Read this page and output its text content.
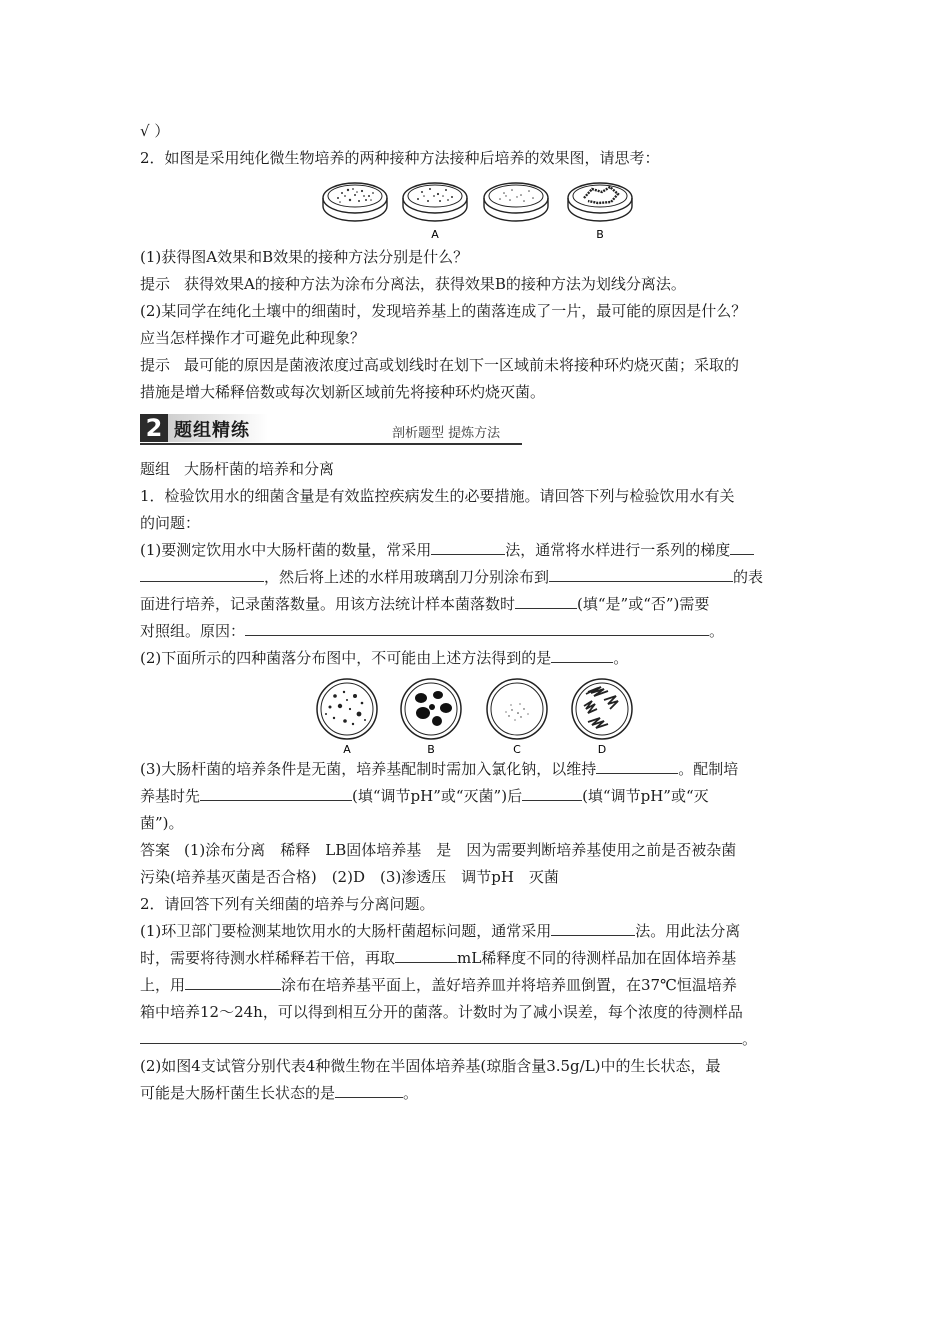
√ ）
2．如图是采用纯化微生物培养的两种接种方法接种后培养的效果图，请思考：
A	B
(1)获得图A效果和B效果的接种方法分别是什么？
提示 获得效果A的接种方法为涂布分离法，获得效果B的接种方法为划线分离法。
(2)某同学在纯化土壤中的细菌时，发现培养基上的菌落连成了一片，最可能的原因是什么？
应当怎样操作才可避免此种现象？
提示 最可能的原因是菌液浓度过高或划线时在划下一区域前未将接种环灼烧灭菌；采取的
措施是增大稀释倍数或每次划新区域前先将接种环灼烧灭菌。
2 题组精练	剖析题型 提炼方法
题组 大肠杆菌的培养和分离
1．检验饮用水的细菌含量是有效监控疾病发生的必要措施。请回答下列与检验饮用水有关
的问题：
(1)要测定饮用水中大肠杆菌的数量，常采用	法，通常将水样进行一系列的梯度
，然后将上述的水样用玻璃刮刀分别涂布到	的表
面进行培养，记录菌落数量。用该方法统计样本菌落数时	(填“是”或“否”)需要
对照组。原因：	。
(2)下面所示的四种菌落分布图中，不可能由上述方法得到的是	。
A	B	C	D
(3)大肠杆菌的培养条件是无菌，培养基配制时需加入氯化钠，以维持	。配制培
养基时先	(填“调节pH”或“灭菌”)后	(填“调节pH”或“灭
菌”)。
答案 (1)涂布分离　稀释　LB固体培养基　是　因为需要判断培养基使用之前是否被杂菌
污染(培养基灭菌是否合格)　(2)D　(3)渗透压　调节pH　灭菌
2．请回答下列有关细菌的培养与分离问题。
(1)环卫部门要检测某地饮用水的大肠杆菌超标问题，通常采用	法。用此法分离
时，需要将待测水样稀释若干倍，再取	mL稀释度不同的待测样品加在固体培养基
上，用	涂布在培养基平面上，盖好培养皿并将培养皿倒置，在37℃恒温培养
箱中培养12～24h，可以得到相互分开的菌落。计数时为了减小误差，每个浓度的待测样品
。
(2)如图4支试管分别代表4种微生物在半固体培养基(琼脂含量3.5g/L)中的生长状态，最
可能是大肠杆菌生长状态的是	。
